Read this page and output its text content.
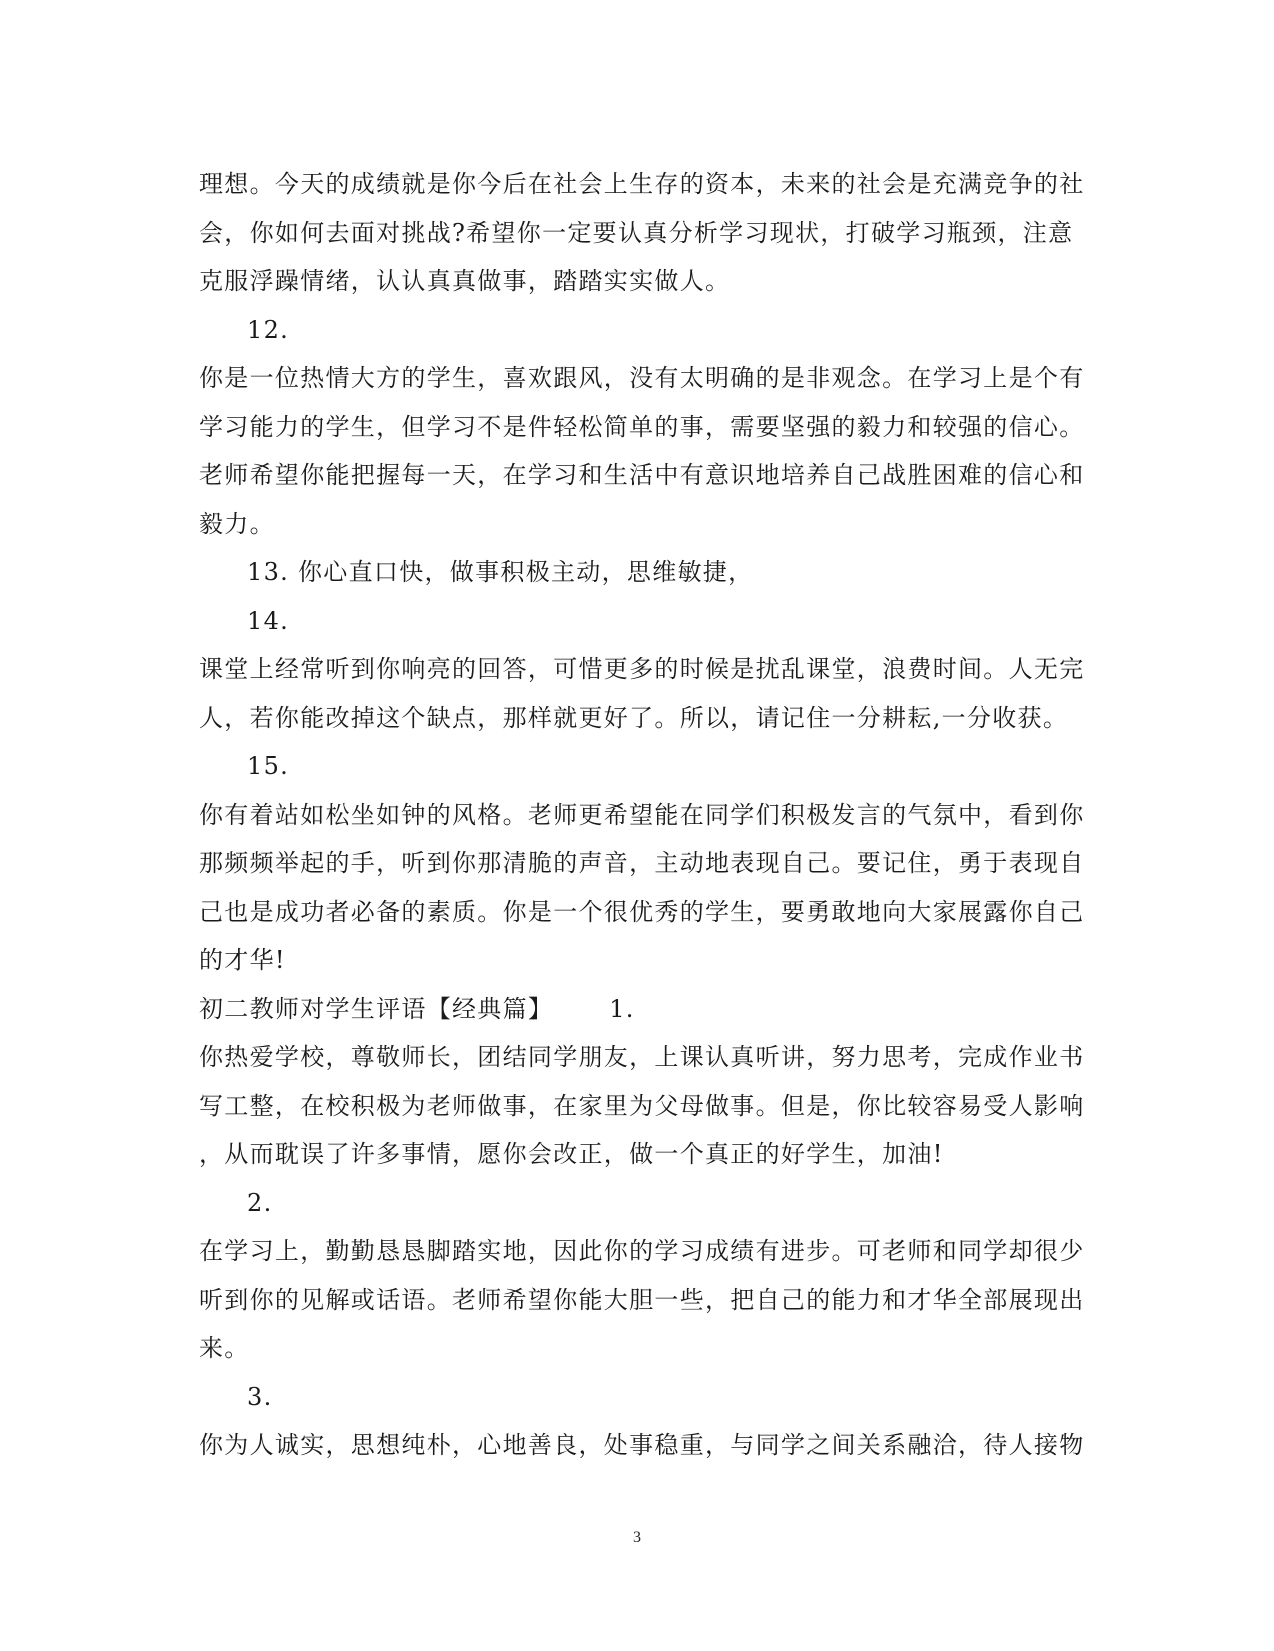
理想。今天的成绩就是你今后在社会上生存的资本，未来的社会是充满竞争的社
会，你如何去面对挑战?希望你一定要认真分析学习现状，打破学习瓶颈，注意
克服浮躁情绪，认认真真做事，踏踏实实做人。
12.
你是一位热情大方的学生，喜欢跟风，没有太明确的是非观念。在学习上是个有
学习能力的学生，但学习不是件轻松简单的事，需要坚强的毅力和较强的信心。
老师希望你能把握每一天，在学习和生活中有意识地培养自己战胜困难的信心和
毅力。
13. 你心直口快，做事积极主动，思维敏捷，
14.
课堂上经常听到你响亮的回答，可惜更多的时候是扰乱课堂，浪费时间。人无完
人，若你能改掉这个缺点，那样就更好了。所以，请记住一分耕耘,一分收获。
15.
你有着站如松坐如钟的风格。老师更希望能在同学们积极发言的气氛中，看到你
那频频举起的手，听到你那清脆的声音，主动地表现自己。要记住，勇于表现自
己也是成功者必备的素质。你是一个很优秀的学生，要勇敢地向大家展露你自己
的才华!
初二教师对学生评语【经典篇】 1.
你热爱学校，尊敬师长，团结同学朋友，上课认真听讲，努力思考，完成作业书
写工整，在校积极为老师做事，在家里为父母做事。但是，你比较容易受人影响
，从而耽误了许多事情，愿你会改正，做一个真正的好学生，加油!
2.
在学习上，勤勤恳恳脚踏实地，因此你的学习成绩有进步。可老师和同学却很少
听到你的见解或话语。老师希望你能大胆一些，把自己的能力和才华全部展现出
来。
3.
你为人诚实，思想纯朴，心地善良，处事稳重，与同学之间关系融洽，待人接物
3
